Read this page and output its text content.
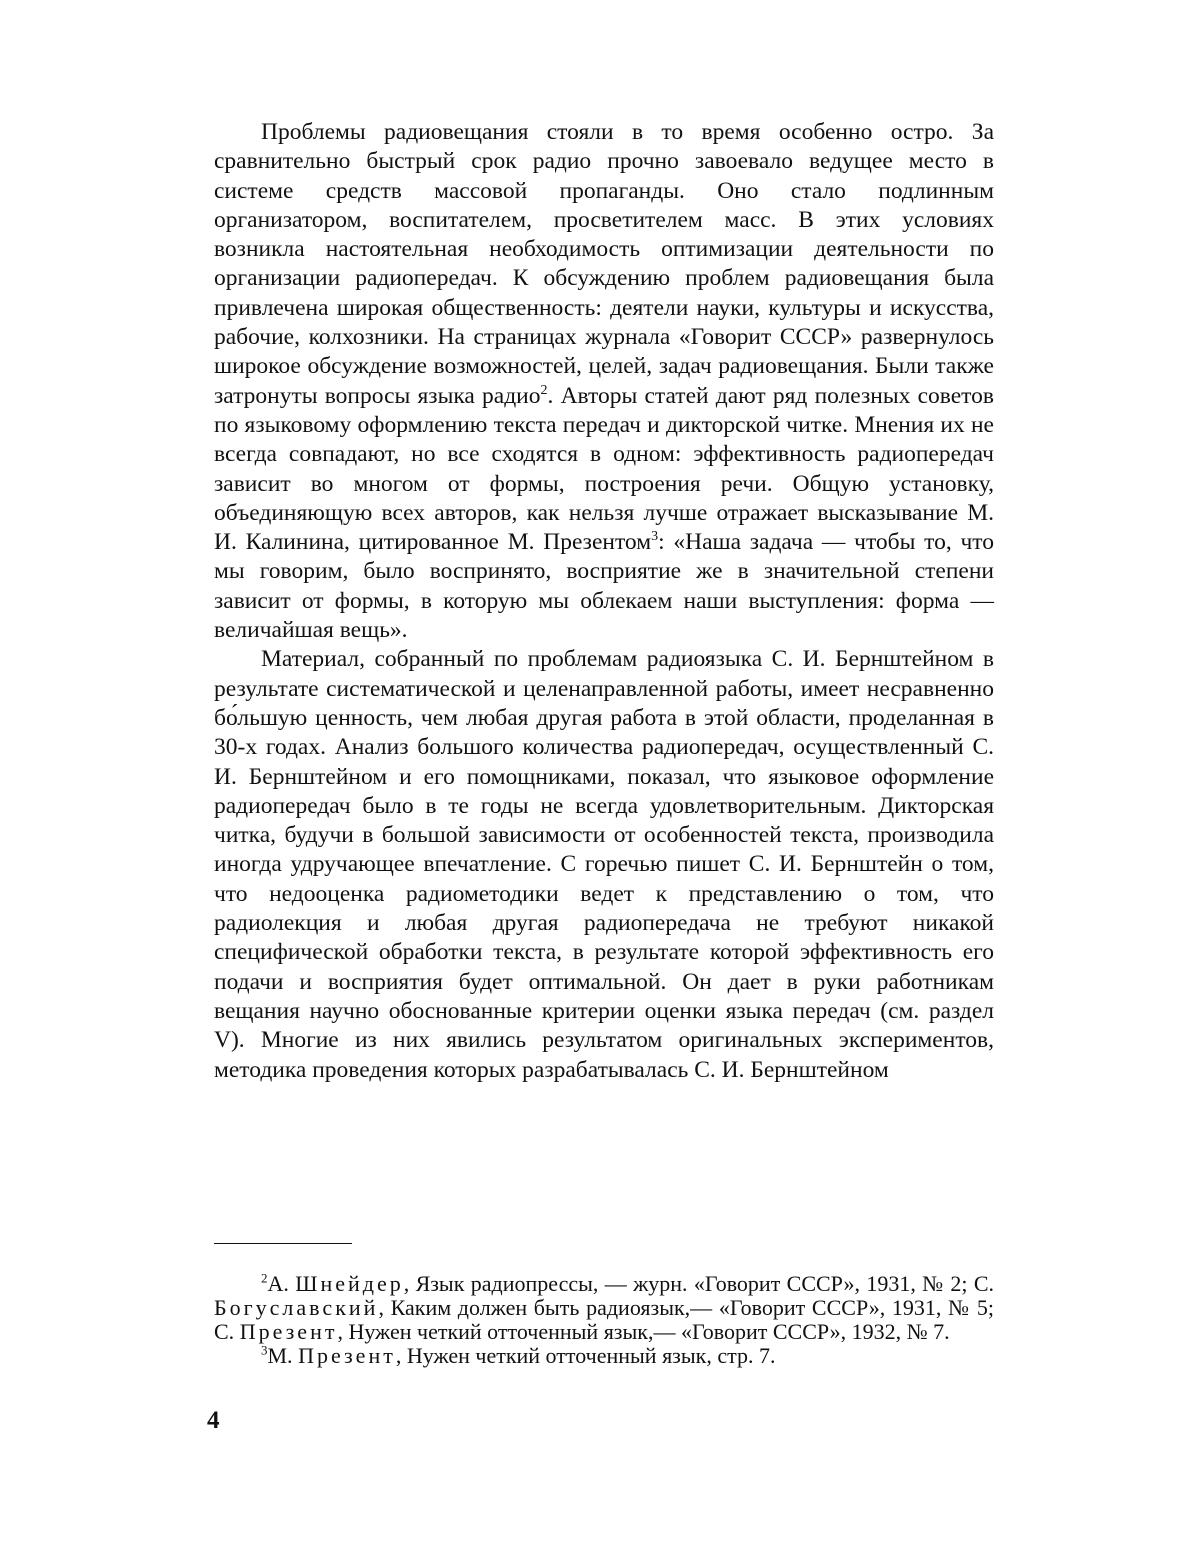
Проблемы радиовещания стояли в то время особенно остро. За сравнительно быстрый срок радио прочно завоевало ведущее место в системе средств массовой пропаганды. Оно стало подлинным организатором, воспитателем, просветителем масс. В этих условиях возникла настоятельная необходимость оптимизации деятельности по организации радиопередач. К обсуждению проблем радиовещания была привлечена широкая общественность: деятели науки, культуры и искусства, рабочие, колхозники. На страницах журнала «Говорит СССР» развернулось широкое обсуждение возможностей, целей, задач радиовещания. Были также затронуты вопросы языка радио$^2$. Авторы статей дают ряд полезных советов по языковому оформлению текста передач и дикторской читке. Мнения их не всегда совпадают, но все сходятся в одном: эффективность радиопередач зависит во многом от формы, построения речи. Общую установку, объединяющую всех авторов, как нельзя лучше отражает высказывание М. И. Калинина, цитированное М. Презентом$^3$: «Наша задача — чтобы то, что мы говорим, было воспринято, восприятие же в значительной степени зависит от формы, в которую мы облекаем наши выступления: форма — величайшая вещь».

Материал, собранный по проблемам радиоязыка С. И. Бернштейном в результате систематической и целенаправленной работы, имеет несравненно бо́льшую ценность, чем любая другая работа в этой области, проделанная в 30-х годах. Анализ большого количества радиопередач, осуществленный С. И. Бернштейном и его помощниками, показал, что языковое оформление радиопередач было в те годы не всегда удовлетворительным. Дикторская читка, будучи в большой зависимости от особенностей текста, производила иногда удручающее впечатление. С горечью пишет С. И. Бернштейн о том, что недооценка радиометодики ведет к представлению о том, что радиолекция и любая другая радиопередача не требуют никакой специфической обработки текста, в результате которой эффективность его подачи и восприятия будет оптимальной. Он дает в руки работникам вещания научно обоснованные критерии оценки языка передач (см. раздел V). Многие из них явились результатом оригинальных экспериментов, методика проведения которых разрабатывалась С. И. Бернштейном

$^2$А. Шнейдер, Язык радиопрессы, — журн. «Говорит СССР», 1931, № 2; С. Богуславский, Каким должен быть радиоязык,— «Говорит СССР», 1931, № 5; С. Презент, Нужен четкий отточенный язык,— «Говорит СССР», 1932, № 7.

$^3$М. Презент, Нужен четкий отточенный язык, стр. 7.

4
